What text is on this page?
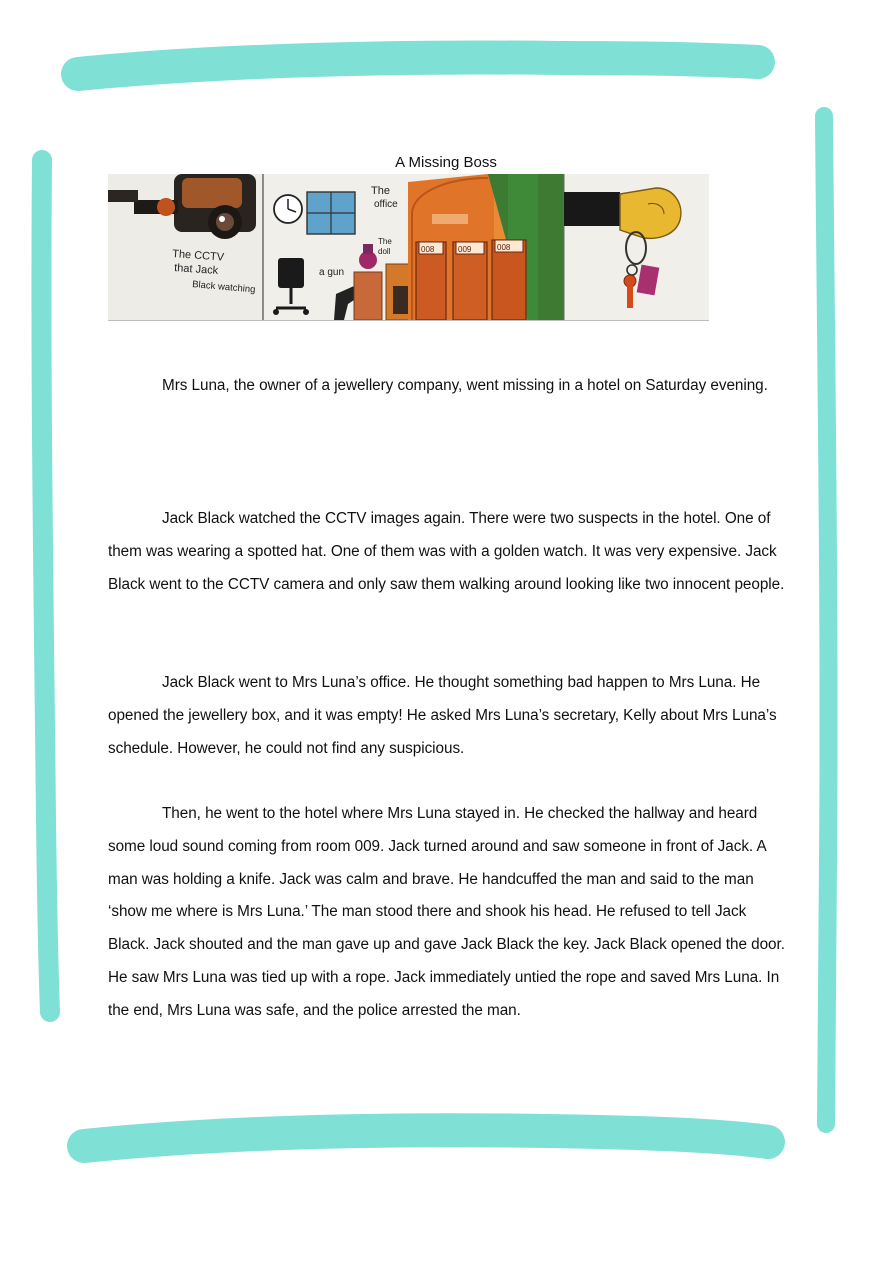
A Missing Boss
The CCTV
that Jack
Black watching
The
office
a gun
The
doll	008	009	008

Mrs Luna, the owner of a jewellery company, went missing in a hotel on Saturday evening.

Jack Black watched the CCTV images again. There were two suspects in the hotel. One of them was wearing a spotted hat. One of them was with a golden watch. It was very expensive. Jack Black went to the CCTV camera and only saw them walking around looking like two innocent people.

Jack Black went to Mrs Luna’s office. He thought something bad happen to Mrs Luna. He opened the jewellery box, and it was empty! He asked Mrs Luna’s secretary, Kelly about Mrs Luna’s schedule. However, he could not find any suspicious.

Then, he went to the hotel where Mrs Luna stayed in. He checked the hallway and heard some loud sound coming from room 009. Jack turned around and saw someone in front of Jack. A man was holding a knife. Jack was calm and brave. He handcuffed the man and said to the man ‘show me where is Mrs Luna.’ The man stood there and shook his head. He refused to tell Jack Black. Jack shouted and the man gave up and gave Jack Black the key. Jack Black opened the door. He saw Mrs Luna was tied up with a rope. Jack immediately untied the rope and saved Mrs Luna. In the end, Mrs Luna was safe, and the police arrested the man.
